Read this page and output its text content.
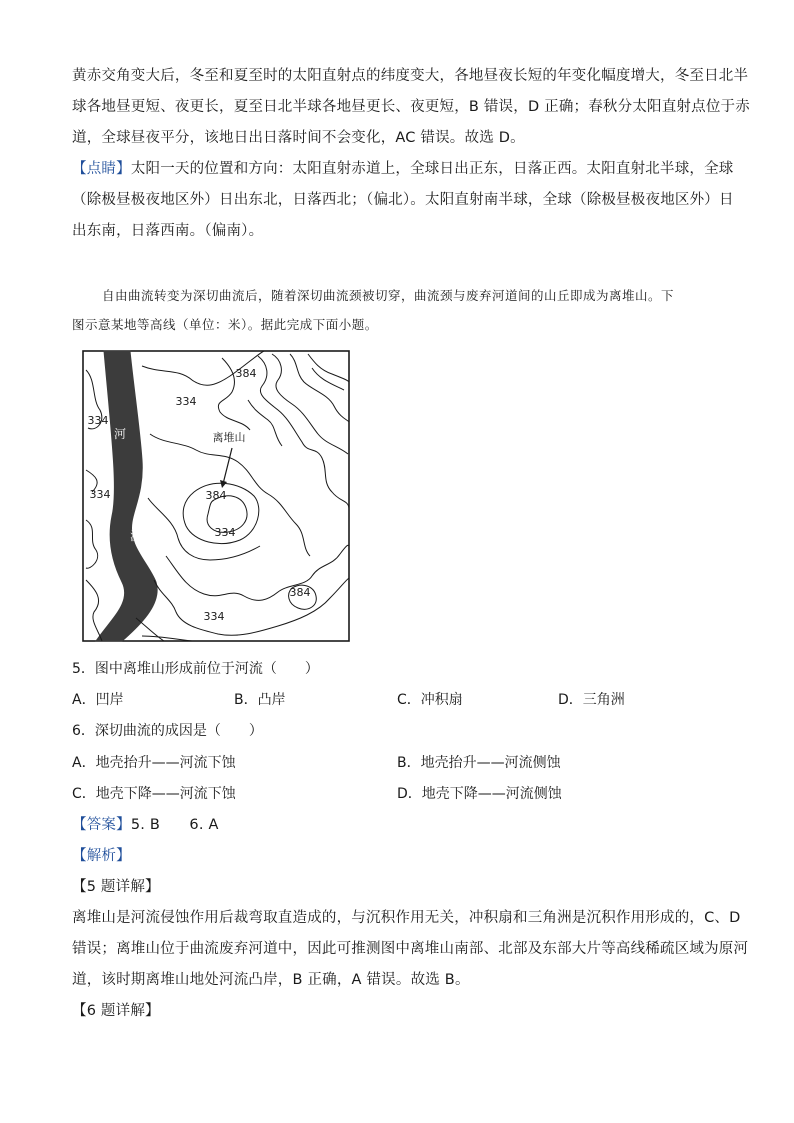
黄赤交角变大后，冬至和夏至时的太阳直射点的纬度变大，各地昼夜长短的年变化幅度增大，冬至日北半
球各地昼更短、夜更长，夏至日北半球各地昼更长、夜更短，B 错误，D 正确；春秋分太阳直射点位于赤
道，全球昼夜平分，该地日出日落时间不会变化，AC 错误。故选 D。
【点睛】太阳一天的位置和方向：太阳直射赤道上，全球日出正东，日落正西。太阳直射北半球，全球
（除极昼极夜地区外）日出东北，日落西北；（偏北）。太阳直射南半球，全球（除极昼极夜地区外）日
出东南，日落西南。（偏南）。
自由曲流转变为深切曲流后，随着深切曲流颈被切穿，曲流颈与废弃河道间的山丘即成为离堆山。下
图示意某地等高线（单位：米）。据此完成下面小题。
河
流
离堆山
384
334
334
334	384
334
384
334
5．图中离堆山形成前位于河流（　　）
A．凹岸	B．凸岸	C．冲积扇	D．三角洲
6．深切曲流的成因是（　　）
A．地壳抬升——河流下蚀	B．地壳抬升——河流侧蚀
C．地壳下降——河流下蚀	D．地壳下降——河流侧蚀
【答案】5. B　　6. A
【解析】
【5 题详解】
离堆山是河流侵蚀作用后裁弯取直造成的，与沉积作用无关，冲积扇和三角洲是沉积作用形成的，C、D
错误；离堆山位于曲流废弃河道中，因此可推测图中离堆山南部、北部及东部大片等高线稀疏区域为原河
道，该时期离堆山地处河流凸岸，B 正确，A 错误。故选 B。
【6 题详解】
